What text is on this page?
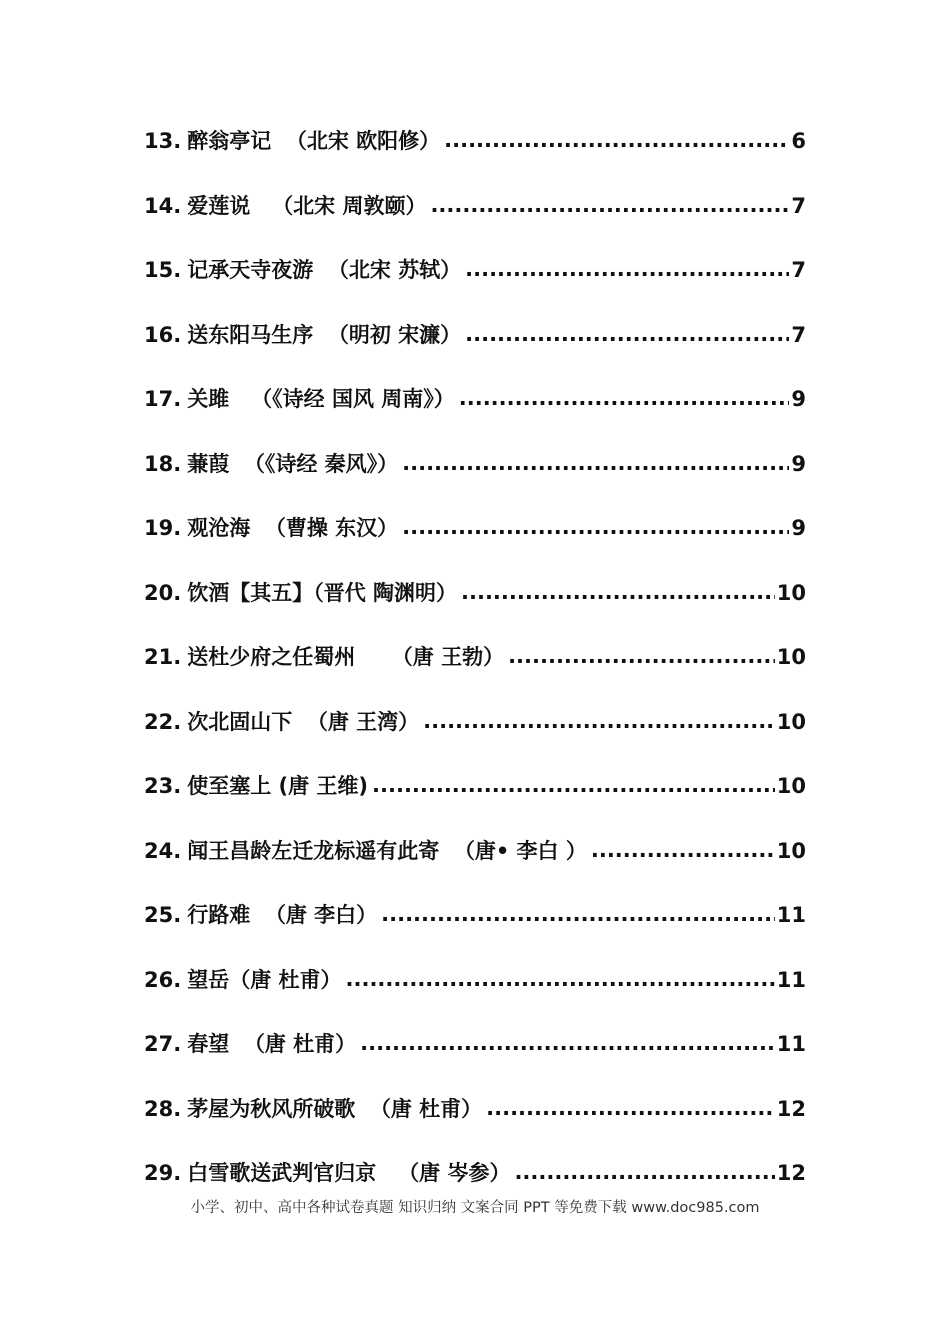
13. 醉翁亭记  （北宋 欧阳修） .....	6
14. 爱莲说   （北宋 周敦颐） .....	7
15. 记承天寺夜游  （北宋 苏轼） .....	7
16. 送东阳马生序  （明初 宋濂） .....	7
17. 关雎   （《诗经 国风 周南》） .....	9
18. 蒹葭  （《诗经 秦风》） .....	9
19. 观沧海  （曹操 东汉） .....	9
20. 饮酒【其五】（晋代 陶渊明） .....	10
21. 送杜少府之任蜀州     （唐 王勃） .....	10
22. 次北固山下  （唐 王湾） .....	10
23. 使至塞上 (唐 王维) .....	10
24. 闻王昌龄左迁龙标遥有此寄  （唐• 李白 ） .....	10
25. 行路难  （唐 李白） .....	11
26. 望岳（唐 杜甫） .....	11
27. 春望  （唐 杜甫） .....	11
28. 茅屋为秋风所破歌  （唐 杜甫） .....	12
29. 白雪歌送武判官归京   （唐 岑参） .....	12
小学、初中、高中各种试卷真题 知识归纳 文案合同 PPT 等免费下载 www.doc985.com
